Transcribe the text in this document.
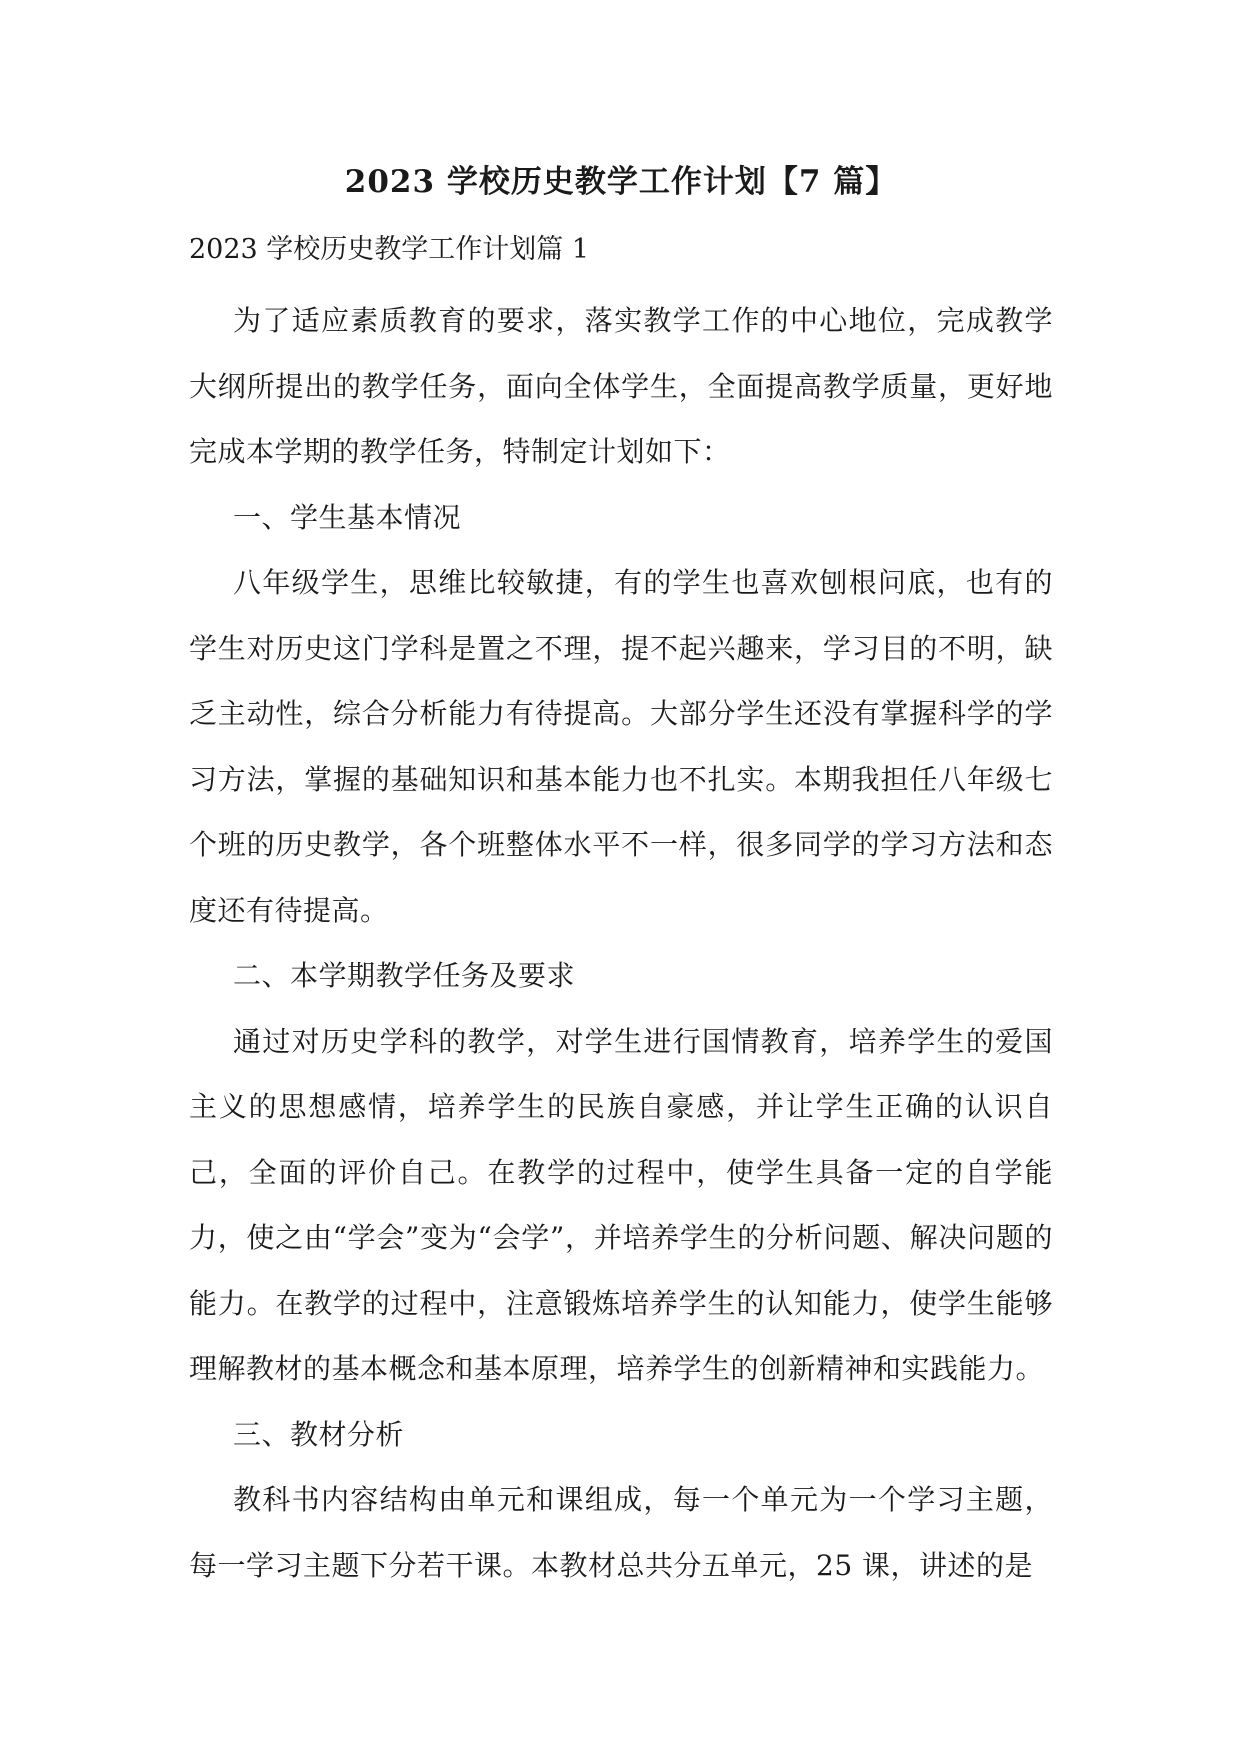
2023 学校历史教学工作计划【7 篇】

2023 学校历史教学工作计划篇 1

为了适应素质教育的要求，落实教学工作的中心地位，完成教学大纲所提出的教学任务，面向全体学生，全面提高教学质量，更好地完成本学期的教学任务，特制定计划如下：

一、学生基本情况

八年级学生，思维比较敏捷，有的学生也喜欢刨根问底，也有的学生对历史这门学科是置之不理，提不起兴趣来，学习目的不明，缺乏主动性，综合分析能力有待提高。大部分学生还没有掌握科学的学习方法，掌握的基础知识和基本能力也不扎实。本期我担任八年级七个班的历史教学，各个班整体水平不一样，很多同学的学习方法和态度还有待提高。

二、本学期教学任务及要求

通过对历史学科的教学，对学生进行国情教育，培养学生的爱国主义的思想感情，培养学生的民族自豪感，并让学生正确的认识自己，全面的评价自己。在教学的过程中，使学生具备一定的自学能力，使之由“学会”变为“会学”，并培养学生的分析问题、解决问题的能力。在教学的过程中，注意锻炼培养学生的认知能力，使学生能够理解教材的基本概念和基本原理，培养学生的创新精神和实践能力。

三、教材分析

教科书内容结构由单元和课组成，每一个单元为一个学习主题，每一学习主题下分若干课。本教材总共分五单元，25 课，讲述的是
